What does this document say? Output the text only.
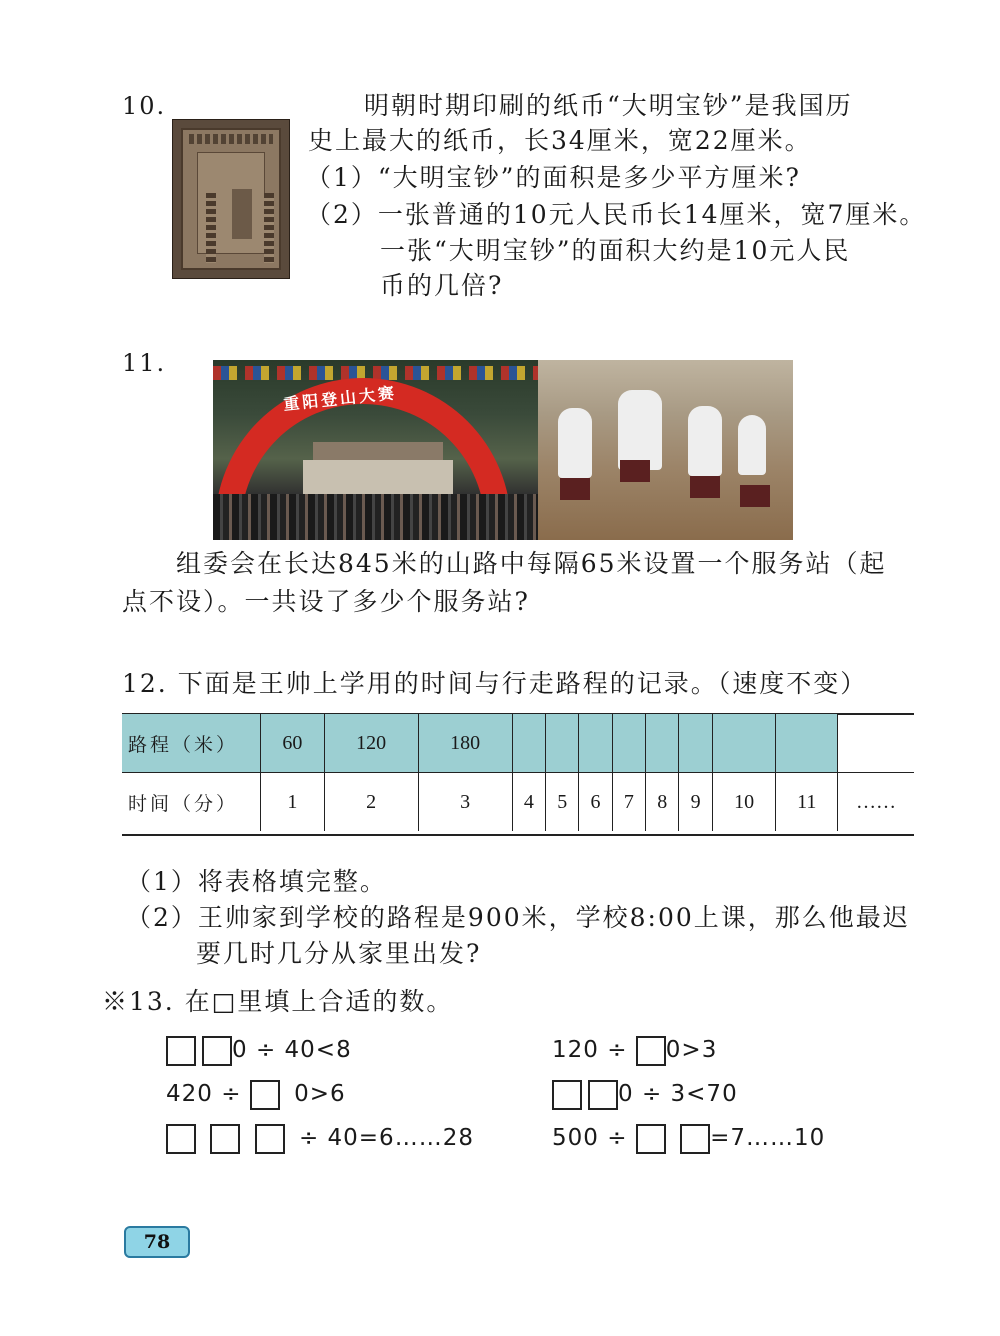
10.	明朝时期印刷的纸币“大明宝钞”是我国历
史上最大的纸币，长34厘米，宽22厘米。
（1）“大明宝钞”的面积是多少平方厘米?
（2）一张普通的10元人民币长14厘米，宽7厘米。
一张“大明宝钞”的面积大约是10元人民
币的几倍?
11.
重阳登山大赛
组委会在长达845米的山路中每隔65米设置一个服务站（起
点不设）。一共设了多少个服务站?
12. 下面是王帅上学用的时间与行走路程的记录。（速度不变）
路程（米）	60	120	180									
时间（分）	1	2	3	4	5	6	7	8	9	10	11	……
（1）将表格填完整。
（2）王帅家到学校的路程是900米，学校8:00上课，那么他最迟
要几时几分从家里出发?
※13. 在□里填上合适的数。
0 ÷ 40<8	120 ÷ 0>3
420 ÷ 0>6	0 ÷ 3<70
÷ 40=6……28	500 ÷	=7……10
78
